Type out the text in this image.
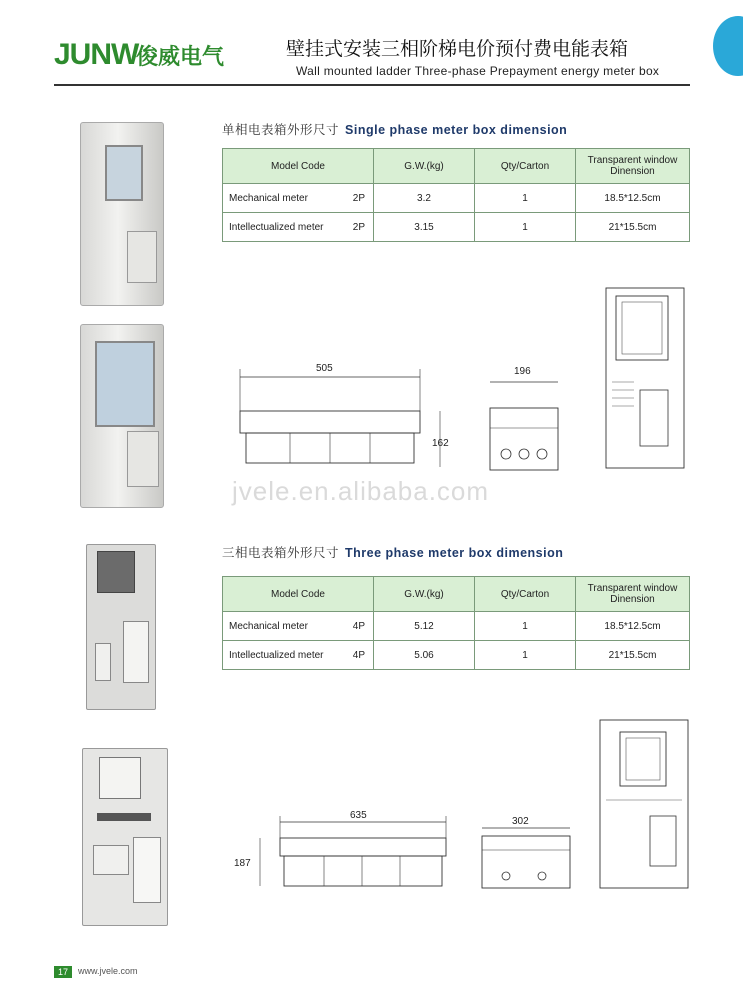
JUNW
俊威电气	壁挂式安装三相阶梯电价预付费电能表箱
Wall mounted ladder Three-phase Prepayment energy meter box
单相电表箱外形尺寸 Single phase meter box dimension
Model Code	G.W.(kg)	Qty/Carton	Transparent window Dinension
Mechanical meter 2P	3.2	1	18.5*12.5cm
Intellectualized meter 2P	3.15	1	21*15.5cm
505
162
196
jvele.en.alibaba.com
三相电表箱外形尺寸 Three phase meter box dimension
Model Code	G.W.(kg)	Qty/Carton	Transparent window Dinension
Mechanical meter 4P	5.12	1	18.5*12.5cm
Intellectualized meter 4P	5.06	1	21*15.5cm
635
187
302
17	www.jvele.com
